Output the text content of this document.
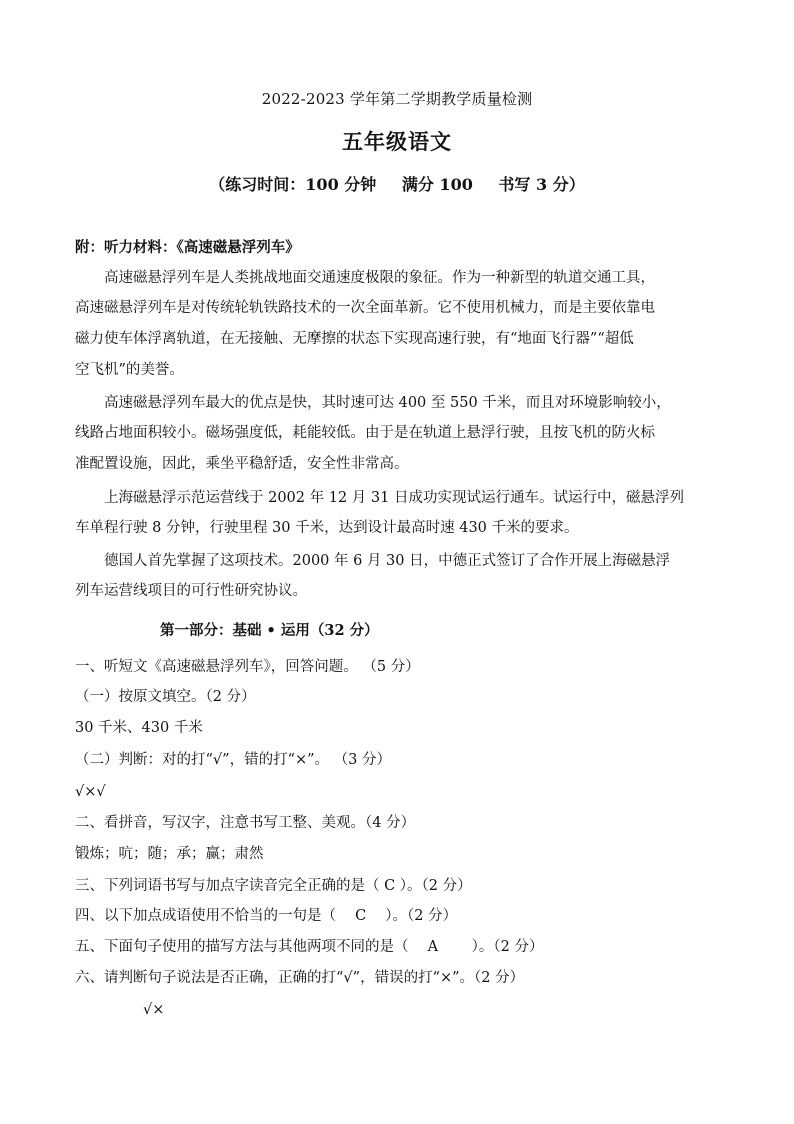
2022-2023 学年第二学期教学质量检测
五年级语文
（练习时间：100 分钟 满分 100 书写 3 分）
附：听力材料：《高速磁悬浮列车》
高速磁悬浮列车是人类挑战地面交通速度极限的象征。作为一种新型的轨道交通工具，
高速磁悬浮列车是对传统轮轨铁路技术的一次全面革新。它不使用机械力，而是主要依靠电
磁力使车体浮离轨道，在无接触、无摩擦的状态下实现高速行驶，有“地面飞行器”“超低
空飞机”的美誉。
高速磁悬浮列车最大的优点是快，其时速可达 400 至 550 千米，而且对环境影响较小，
线路占地面积较小。磁场强度低，耗能较低。由于是在轨道上悬浮行驶，且按飞机的防火标
准配置设施，因此，乘坐平稳舒适，安全性非常高。
上海磁悬浮示范运营线于 2002 年 12 月 31 日成功实现试运行通车。试运行中，磁悬浮列
车单程行驶 8 分钟，行驶里程 30 千米，达到设计最高时速 430 千米的要求。
德国人首先掌握了这项技术。2000 年 6 月 30 日，中德正式签订了合作开展上海磁悬浮
列车运营线项目的可行性研究协议。
第一部分：基础 • 运用（32 分）
一、听短文《高速磁悬浮列车》，回答问题。 （5 分）
（一）按原文填空。（2 分）
30 千米、430 千米
（二）判断：对的打“√”，错的打“×”。 （3 分）
√×√
二、看拼音，写汉字，注意书写工整、美观。（4 分）
锻炼；吭；随；承；赢；肃然
三、下列词语书写与加点字读音完全正确的是（ C ）。（2 分）
四、以下加点成语使用不恰当的一句是（　 C　 ）。（2 分）
五、下面句子使用的描写方法与其他两项不同的是（　 A　　 ）。（2 分）
六、请判断句子说法是否正确，正确的打“√”，错误的打“×”。（2 分）
√×
